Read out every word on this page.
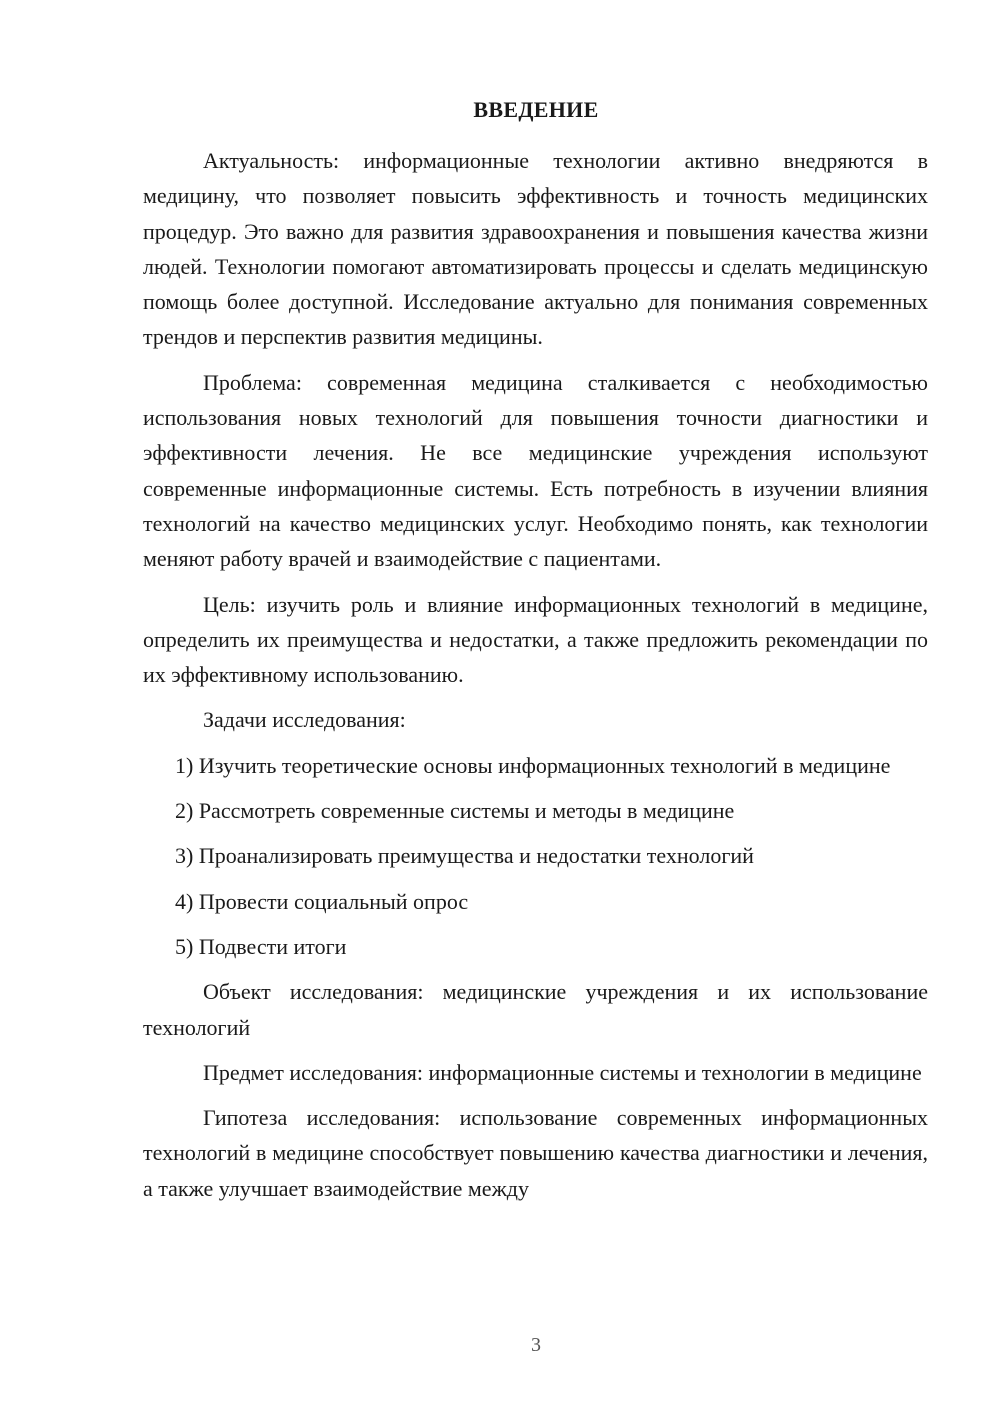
ВВЕДЕНИЕ

Актуальность: информационные технологии активно внедряются в медицину, что позволяет повысить эффективность и точность медицинских процедур. Это важно для развития здравоохранения и повышения качества жизни людей. Технологии помогают автоматизировать процессы и сделать медицинскую помощь более доступной. Исследование актуально для понимания современных трендов и перспектив развития медицины.

Проблема: современная медицина сталкивается с необходимостью использования новых технологий для повышения точности диагностики и эффективности лечения. Не все медицинские учреждения используют современные информационные системы. Есть потребность в изучении влияния технологий на качество медицинских услуг. Необходимо понять, как технологии меняют работу врачей и взаимодействие с пациентами.

Цель: изучить роль и влияние информационных технологий в медицине, определить их преимущества и недостатки, а также предложить рекомендации по их эффективному использованию.

Задачи исследования:

1) Изучить теоретические основы информационных технологий в медицине

2) Рассмотреть современные системы и методы в медицине

3) Проанализировать преимущества и недостатки технологий

4) Провести социальный опрос

5) Подвести итоги

Объект исследования: медицинские учреждения и их использование технологий

Предмет исследования: информационные системы и технологии в медицине

Гипотеза исследования: использование современных информационных технологий в медицине способствует повышению качества диагностики и лечения, а также улучшает взаимодействие между

3
